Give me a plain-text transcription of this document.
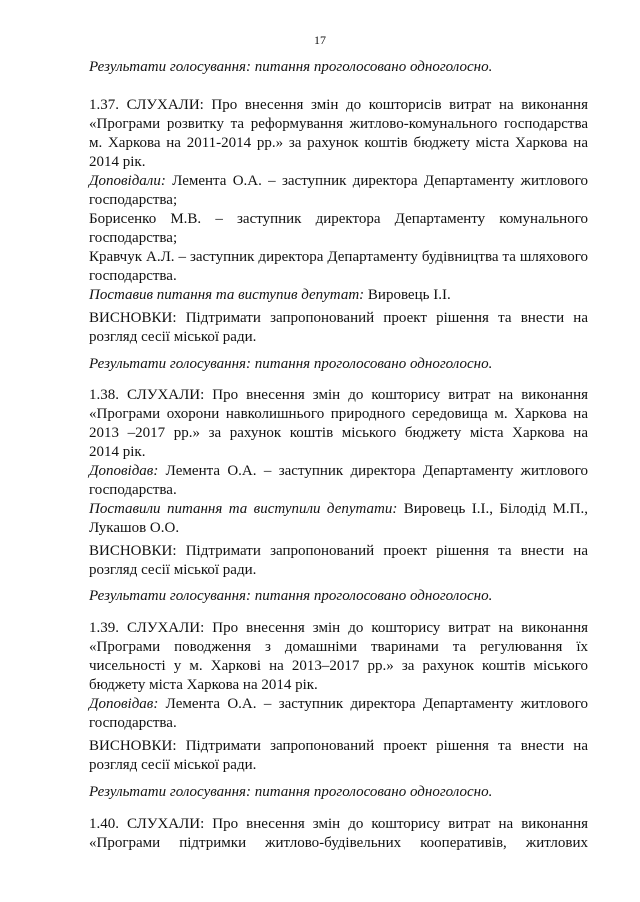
17
Результати голосування: питання проголосовано одноголосно.
1.37. СЛУХАЛИ: Про внесення змін до кошторисів витрат на виконання
«Програми розвитку та реформування житлово-комунального господарства
м. Харкова на 2011-2014 рр.» за рахунок коштів бюджету міста Харкова на
2014 рік.
Доповідали: Лемента О.А. – заступник директора Департаменту житлового
господарства;
Борисенко М.В. – заступник директора Департаменту комунального
господарства;
Кравчук А.Л. – заступник директора Департаменту будівництва та шляхового
господарства.
Поставив питання та виступив депутат: Вировець І.І.
ВИСНОВКИ: Підтримати запропонований проект рішення та внести на
розгляд сесії міської ради.
Результати голосування: питання проголосовано одноголосно.
1.38. СЛУХАЛИ: Про внесення змін до кошторису витрат на виконання
«Програми охорони навколишнього природного середовища м. Харкова на
2013 –2017 рр.» за рахунок коштів міського бюджету міста Харкова на
2014 рік.
Доповідав: Лемента О.А. – заступник директора Департаменту житлового
господарства.
Поставили питання та виступили депутати: Вировець І.І., Білодід М.П.,
Лукашов О.О.
ВИСНОВКИ: Підтримати запропонований проект рішення та внести на
розгляд сесії міської ради.
Результати голосування: питання проголосовано одноголосно.
1.39. СЛУХАЛИ: Про внесення змін до кошторису витрат на виконання
«Програми поводження з домашніми тваринами та регулювання їх
чисельності у м. Харкові на 2013–2017 рр.» за рахунок коштів міського
бюджету міста Харкова на 2014 рік.
Доповідав: Лемента О.А. – заступник директора Департаменту житлового
господарства.
ВИСНОВКИ: Підтримати запропонований проект рішення та внести на
розгляд сесії міської ради.
Результати голосування: питання проголосовано одноголосно.
1.40. СЛУХАЛИ: Про внесення змін до кошторису витрат на виконання
«Програми підтримки житлово-будівельних кооперативів, житлових
